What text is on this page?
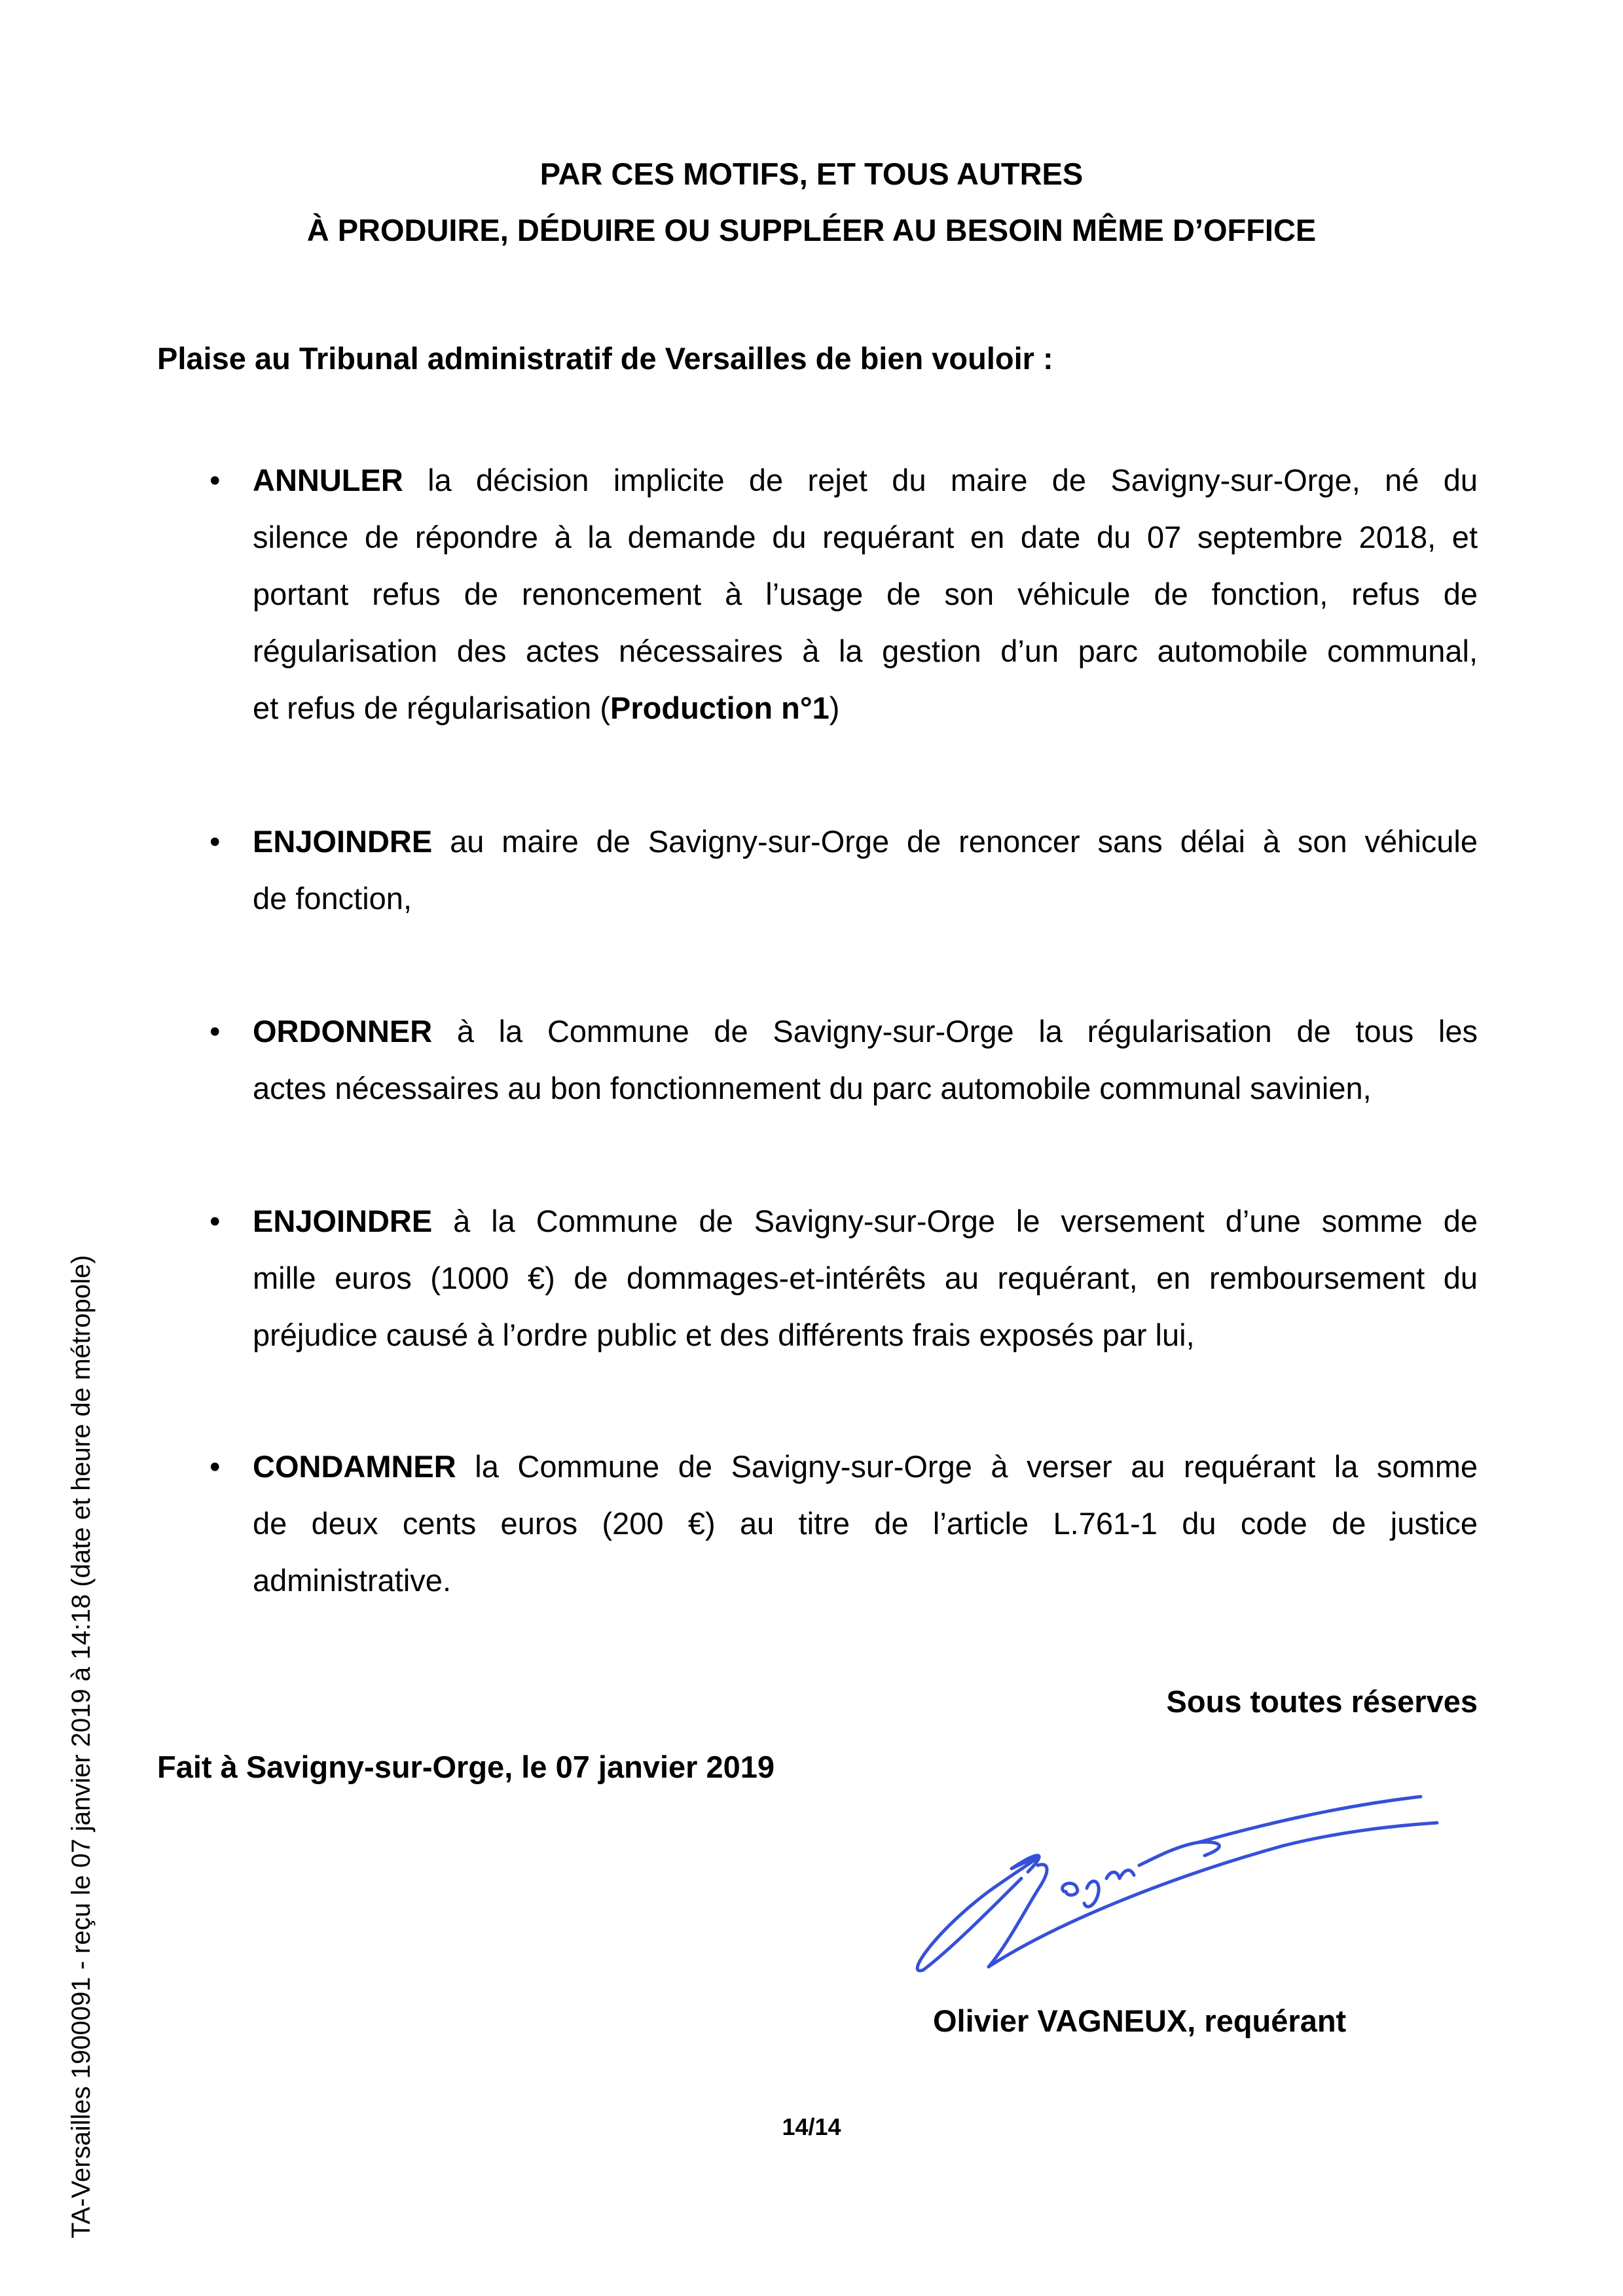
PAR CES MOTIFS, ET TOUS AUTRES
À PRODUIRE, DÉDUIRE OU SUPPLÉER AU BESOIN MÊME D’OFFICE
Plaise au Tribunal administratif de Versailles de bien vouloir :
•	ANNULER la décision implicite de rejet du maire de Savigny-sur-Orge, né du
silence de répondre à la demande du requérant en date du 07 septembre 2018, et
portant refus de renoncement à l’usage de son véhicule de fonction, refus de
régularisation des actes nécessaires à la gestion d’un parc automobile communal,
et refus de régularisation (Production n°1)
•	ENJOINDRE au maire de Savigny-sur-Orge de renoncer sans délai à son véhicule
de fonction,
•	ORDONNER à la Commune de Savigny-sur-Orge la régularisation de tous les
actes nécessaires au bon fonctionnement du parc automobile communal savinien,
•	ENJOINDRE à la Commune de Savigny-sur-Orge le versement d’une somme de
mille euros (1000 €) de dommages-et-intérêts au requérant, en remboursement du
préjudice causé à l’ordre public et des différents frais exposés par lui,
•	CONDAMNER la Commune de Savigny-sur-Orge à verser au requérant la somme
de deux cents euros (200 €) au titre de l’article L.761-1 du code de justice
administrative.
Sous toutes réserves
Fait à Savigny-sur-Orge, le 07 janvier 2019
Olivier VAGNEUX, requérant
14/14
TA-Versailles 1900091 - reçu le 07 janvier 2019 à 14:18 (date et heure de métropole)
